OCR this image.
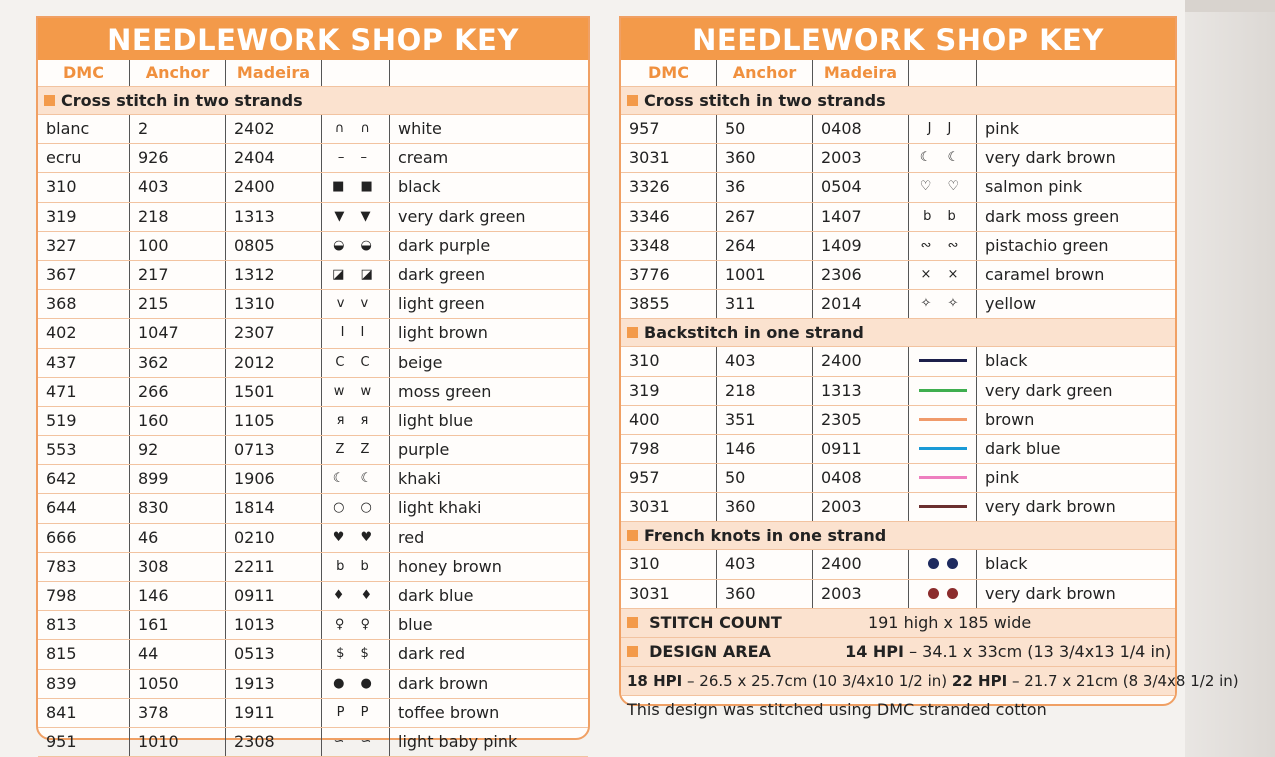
NEEDLEWORK SHOP KEY
DMC	Anchor	Madeira
Cross stitch in two strands
blanc	2	2402	∩ ∩	white
ecru	926	2404	– –	cream
310	403	2400	■ ■	black
319	218	1313	▼ ▼	very dark green
327	100	0805	◒ ◒	dark purple
367	217	1312	◪ ◪	dark green
368	215	1310	v v	light green
402	1047	2307	I I	light brown
437	362	2012	C C	beige
471	266	1501	w w	moss green
519	160	1105	я я	light blue
553	92	0713	Z Z	purple
642	899	1906	☾ ☾	khaki
644	830	1814	○ ○	light khaki
666	46	0210	♥ ♥	red
783	308	2211	b b	honey brown
798	146	0911	♦ ♦	dark blue
813	161	1013	♀ ♀	blue
815	44	0513	$ $	dark red
839	1050	1913	● ●	dark brown
841	378	1911	P P	toffee brown
951	1010	2308	∽ ∽	light baby pink
NEEDLEWORK SHOP KEY
DMC	Anchor	Madeira
Cross stitch in two strands
957	50	0408	J J	pink
3031	360	2003	☾ ☾	very dark brown
3326	36	0504	♡ ♡	salmon pink
3346	267	1407	b b	dark moss green
3348	264	1409	∾ ∾	pistachio green
3776	1001	2306	× ×	caramel brown
3855	311	2014	✧ ✧	yellow
Backstitch in one strand
310	403	2400	black
319	218	1313	very dark green
400	351	2305	brown
798	146	0911	dark blue
957	50	0408	pink
3031	360	2003	very dark brown
French knots in one strand
310	403	2400	black
3031	360	2003	very dark brown
STITCH COUNT	191 high x 185 wide
DESIGN AREA	14 HPI – 34.1 x 33cm (13 3/4x13 1/4 in)
18 HPI – 26.5 x 25.7cm (10 3/4x10 1/2 in) 22 HPI – 21.7 x 21cm (8 3/4x8 1/2 in)
This design was stitched using DMC stranded cotton
